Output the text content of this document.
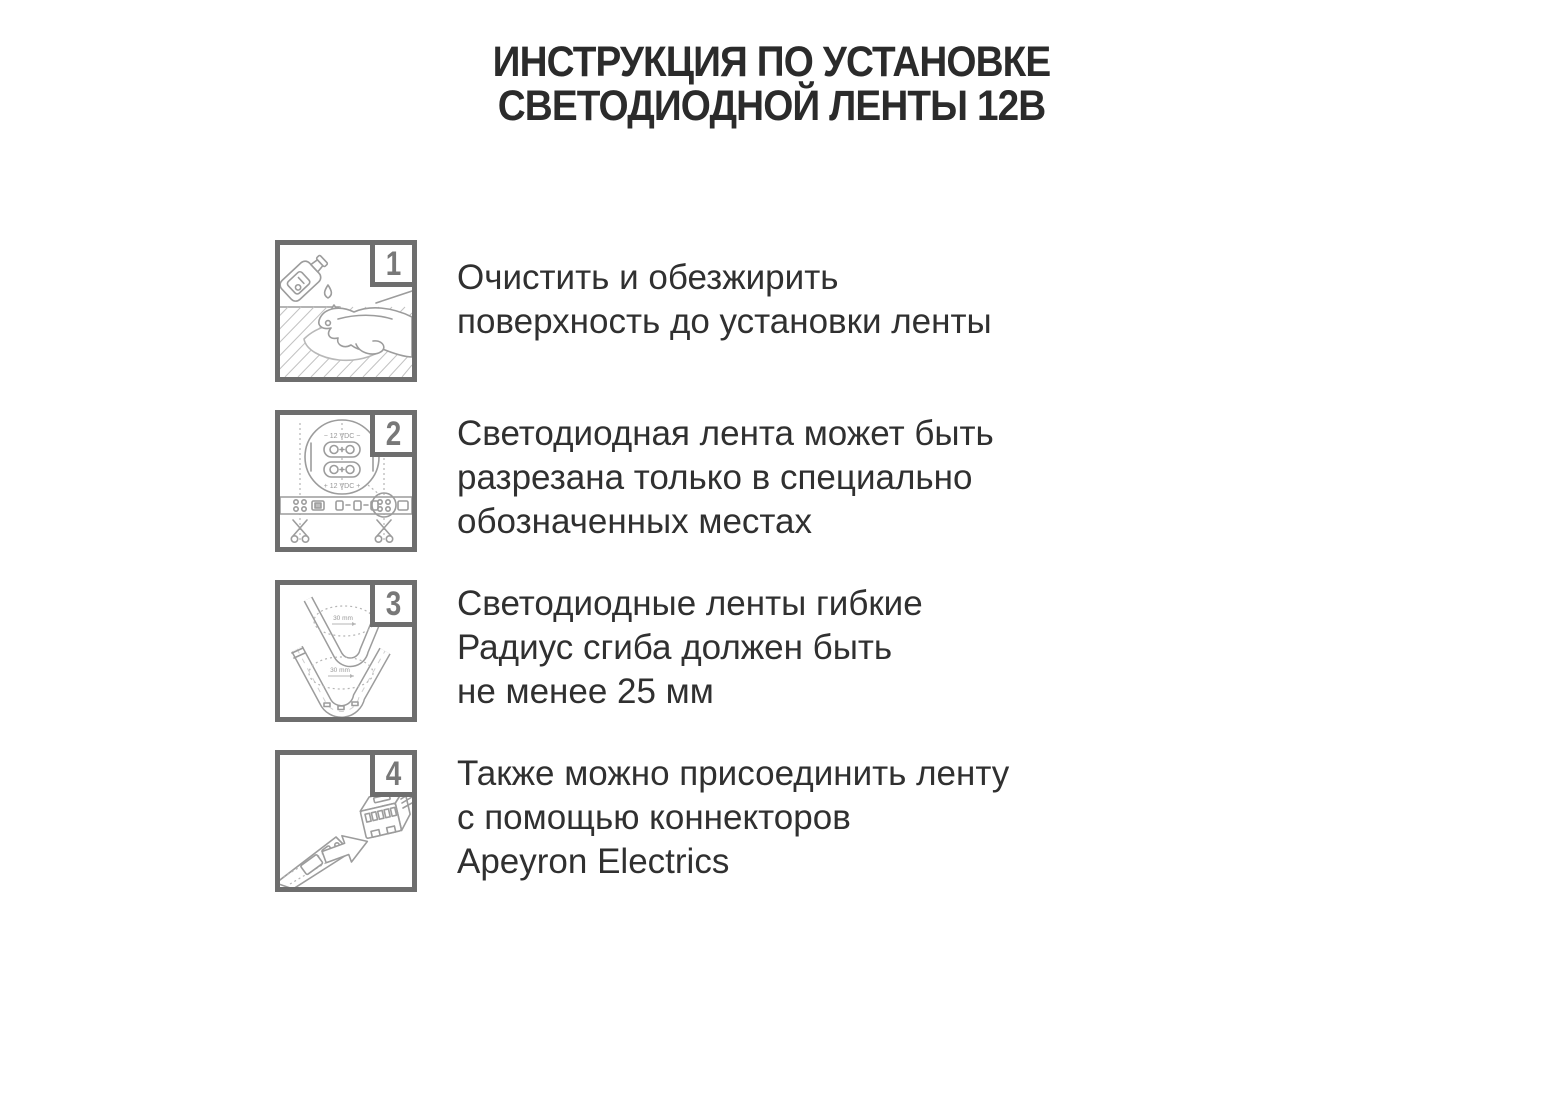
ИНСТРУКЦИЯ ПО УСТАНОВКЕ
СВЕТОДИОДНОЙ ЛЕНТЫ 12В
1 Очистить и обезжирить
поверхность до установки ленты
− 12 VDC −
+ 12 VDC +
2 Светодиодная лента может быть
разрезана только в специально
обозначенных местах
30 mm
30 mm
3 Светодиодные ленты гибкие
Радиус сгиба должен быть
не менее 25 мм
4 Также можно присоединить ленту
с помощью коннекторов
Apeyron Electrics
